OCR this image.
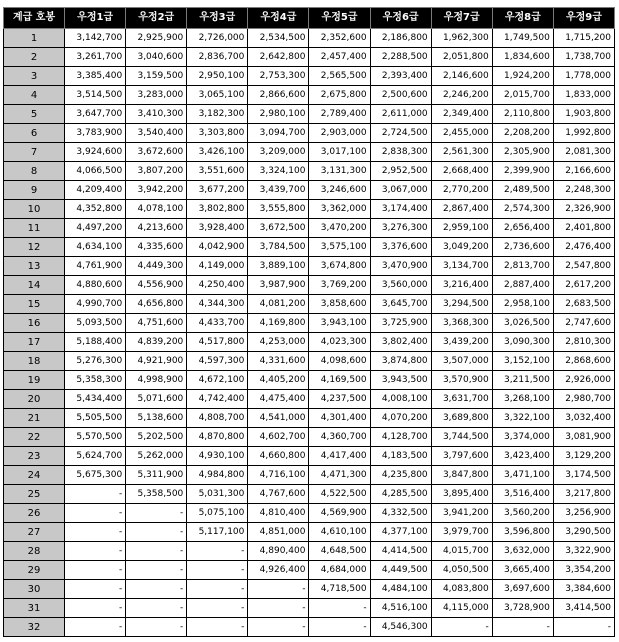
계급 호봉	우정1급	우정2급	우정3급	우정4급	우정5급	우정6급	우정7급	우정8급	우정9급
1	3,142,700	2,925,900	2,726,000	2,534,500	2,352,600	2,186,800	1,962,300	1,749,500	1,715,200
2	3,261,700	3,040,600	2,836,700	2,642,800	2,457,400	2,288,500	2,051,800	1,834,600	1,738,700
3	3,385,400	3,159,500	2,950,100	2,753,300	2,565,500	2,393,400	2,146,600	1,924,200	1,778,000
4	3,514,500	3,283,000	3,065,100	2,866,600	2,675,800	2,500,600	2,246,200	2,015,700	1,833,000
5	3,647,700	3,410,300	3,182,300	2,980,100	2,789,400	2,611,000	2,349,400	2,110,800	1,903,800
6	3,783,900	3,540,400	3,303,800	3,094,700	2,903,000	2,724,500	2,455,000	2,208,200	1,992,800
7	3,924,600	3,672,600	3,426,100	3,209,000	3,017,100	2,838,300	2,561,300	2,305,900	2,081,300
8	4,066,500	3,807,200	3,551,600	3,324,100	3,131,300	2,952,500	2,668,400	2,399,900	2,166,600
9	4,209,400	3,942,200	3,677,200	3,439,700	3,246,600	3,067,000	2,770,200	2,489,500	2,248,300
10	4,352,800	4,078,100	3,802,800	3,555,800	3,362,000	3,174,400	2,867,400	2,574,300	2,326,900
11	4,497,200	4,213,600	3,928,400	3,672,500	3,470,200	3,276,300	2,959,100	2,656,400	2,401,800
12	4,634,100	4,335,600	4,042,900	3,784,500	3,575,100	3,376,600	3,049,200	2,736,600	2,476,400
13	4,761,900	4,449,300	4,149,000	3,889,100	3,674,800	3,470,900	3,134,700	2,813,700	2,547,800
14	4,880,600	4,556,900	4,250,400	3,987,900	3,769,200	3,560,000	3,216,400	2,887,400	2,617,200
15	4,990,700	4,656,800	4,344,300	4,081,200	3,858,600	3,645,700	3,294,500	2,958,100	2,683,500
16	5,093,500	4,751,600	4,433,700	4,169,800	3,943,100	3,725,900	3,368,300	3,026,500	2,747,600
17	5,188,400	4,839,200	4,517,800	4,253,000	4,023,300	3,802,400	3,439,200	3,090,300	2,810,300
18	5,276,300	4,921,900	4,597,300	4,331,600	4,098,600	3,874,800	3,507,000	3,152,100	2,868,600
19	5,358,300	4,998,900	4,672,100	4,405,200	4,169,500	3,943,500	3,570,900	3,211,500	2,926,000
20	5,434,400	5,071,600	4,742,400	4,475,400	4,237,500	4,008,100	3,631,700	3,268,100	2,980,700
21	5,505,500	5,138,600	4,808,700	4,541,000	4,301,400	4,070,200	3,689,800	3,322,100	3,032,400
22	5,570,500	5,202,500	4,870,800	4,602,700	4,360,700	4,128,700	3,744,500	3,374,000	3,081,900
23	5,624,700	5,262,000	4,930,100	4,660,800	4,417,400	4,183,500	3,797,600	3,423,400	3,129,200
24	5,675,300	5,311,900	4,984,800	4,716,100	4,471,300	4,235,800	3,847,800	3,471,100	3,174,500
25	-	5,358,500	5,031,300	4,767,600	4,522,500	4,285,500	3,895,400	3,516,400	3,217,800
26	-	-	5,075,100	4,810,400	4,569,900	4,332,500	3,941,200	3,560,200	3,256,900
27	-	-	5,117,100	4,851,000	4,610,100	4,377,100	3,979,700	3,596,800	3,290,500
28	-	-	-	4,890,400	4,648,500	4,414,500	4,015,700	3,632,000	3,322,900
29	-	-	-	4,926,400	4,684,000	4,449,500	4,050,500	3,665,400	3,354,200
30	-	-	-	-	4,718,500	4,484,100	4,083,800	3,697,600	3,384,600
31	-	-	-	-	-	4,516,100	4,115,000	3,728,900	3,414,500
32	-	-	-	-	-	4,546,300	-	-	-
